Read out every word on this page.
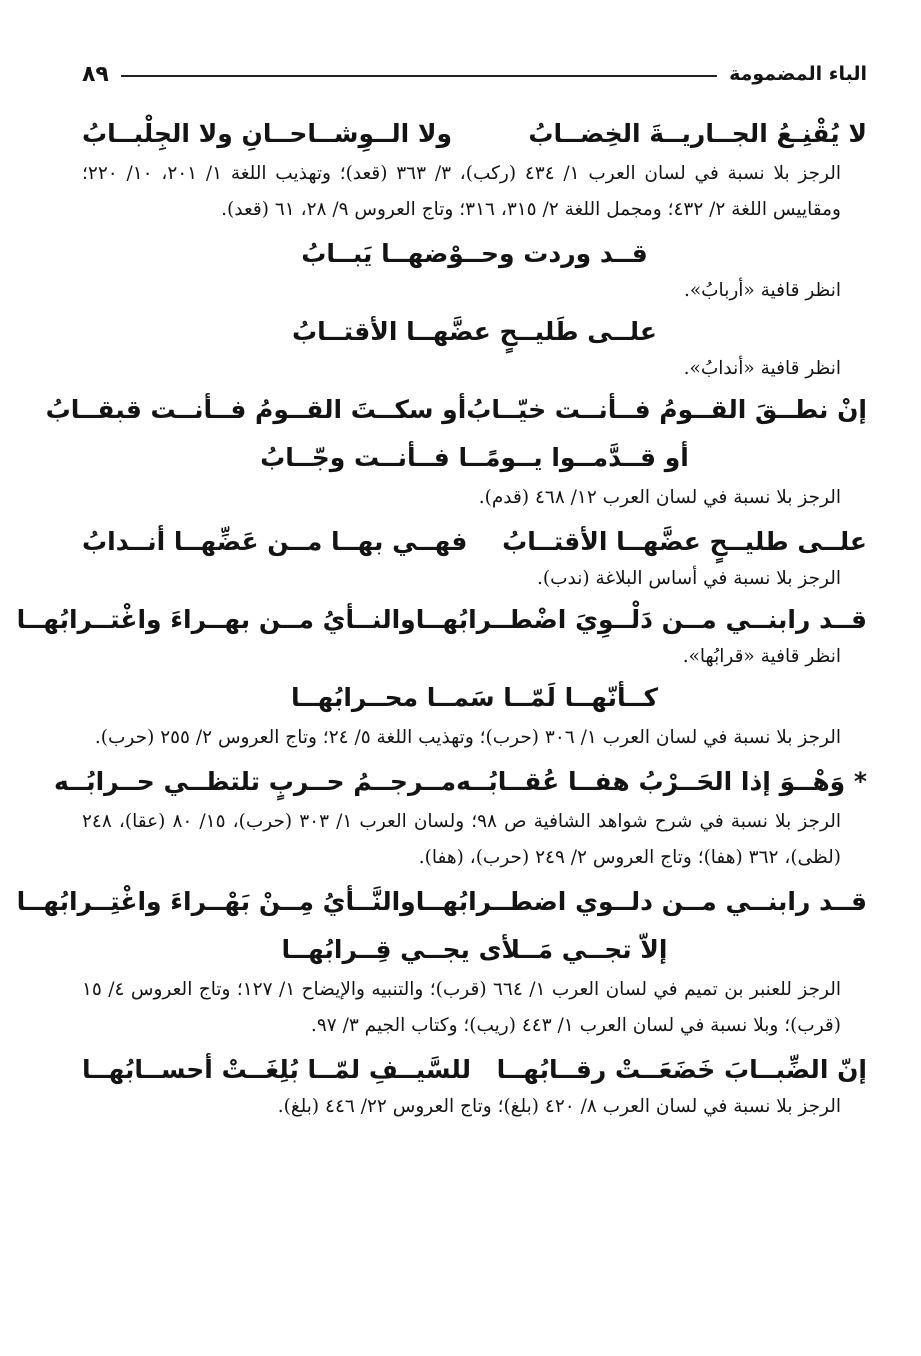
الباء المضمومة
٨٩
لا يُقْنِـعُ الجــاريــةَ الخِضــابُ
ولا الــوِشــاحــانِ ولا الجِلْبــابُ
الرجز بلا نسبة في لسان العرب ١/ ٤٣٤ (ركب)، ٣/ ٣٦٣ (قعد)؛ وتهذيب اللغة ١/ ٢٠١، ١٠/ ٢٢٠؛ ومقاييس اللغة ٢/ ٤٣٢؛ ومجمل اللغة ٢/ ٣١٥، ٣١٦؛ وتاج العروس ٩/ ٢٨، ٦١ (قعد).
قــد وردت وحــوْضهــا يَبــابُ
انظر قافية «أربابُ».
علــى طَليــحٍ عضَّهــا الأقتــابُ
انظر قافية «أندابُ».
إنْ نطــقَ القــومُ فــأنــت خيّــابُ
أو سكــتَ القــومُ فــأنــت قبقــابُ
أو قــدَّمــوا يــومًــا فــأنــت وجّــابُ
الرجز بلا نسبة في لسان العرب ١٢/ ٤٦٨ (قدم).
علــى طليــحٍ عضَّهــا الأقتــابُ
فهــي بهــا مــن عَضِّهــا أنــدابُ
الرجز بلا نسبة في أساس البلاغة (ندب).
قــد رابنــي مــن دَلْــوِيَ اضْطــرابُهــا
والنــأيُ مــن بهــراءَ واغْتــرابُهــا
انظر قافية «قرابُها».
كــأنّهــا لَمّــا سَمــا محــرابُهــا
الرجز بلا نسبة في لسان العرب ١/ ٣٠٦ (حرب)؛ وتهذيب اللغة ٥/ ٢٤؛ وتاج العروس ٢/ ٢٥٥ (حرب).
* وَهْــوَ إذا الحَــرْبُ هفــا عُقــابُــه
مــرجــمُ حــربٍ تلتظــي حــرابُــه
الرجز بلا نسبة في شرح شواهد الشافية ص ٩٨؛ ولسان العرب ١/ ٣٠٣ (حرب)، ١٥/ ٨٠ (عقا)، ٢٤٨ (لظى)، ٣٦٢ (هفا)؛ وتاج العروس ٢/ ٢٤٩ (حرب)، (هفا).
قــد رابنــي مــن دلــوي اضطــرابُهــا
والنَّــأيُ مِــنْ بَهْــراءَ واغْتِــرابُهــا
إلاّ تجــي مَــلأى يجــي قِــرابُهــا
الرجز للعنبر بن تميم في لسان العرب ١/ ٦٦٤ (قرب)؛ والتنبيه والإيضاح ١/ ١٢٧؛ وتاج العروس ٤/ ١٥ (قرب)؛ وبلا نسبة في لسان العرب ١/ ٤٤٣ (ريب)؛ وكتاب الجيم ٣/ ٩٧.
إنّ الضِّبــابَ خَضَعَــتْ رقــابُهــا
للسَّيــفِ لمّــا بُلِغَــتْ أحســابُهــا
الرجز بلا نسبة في لسان العرب ٨/ ٤٢٠ (بلغ)؛ وتاج العروس ٢٢/ ٤٤٦ (بلغ).
